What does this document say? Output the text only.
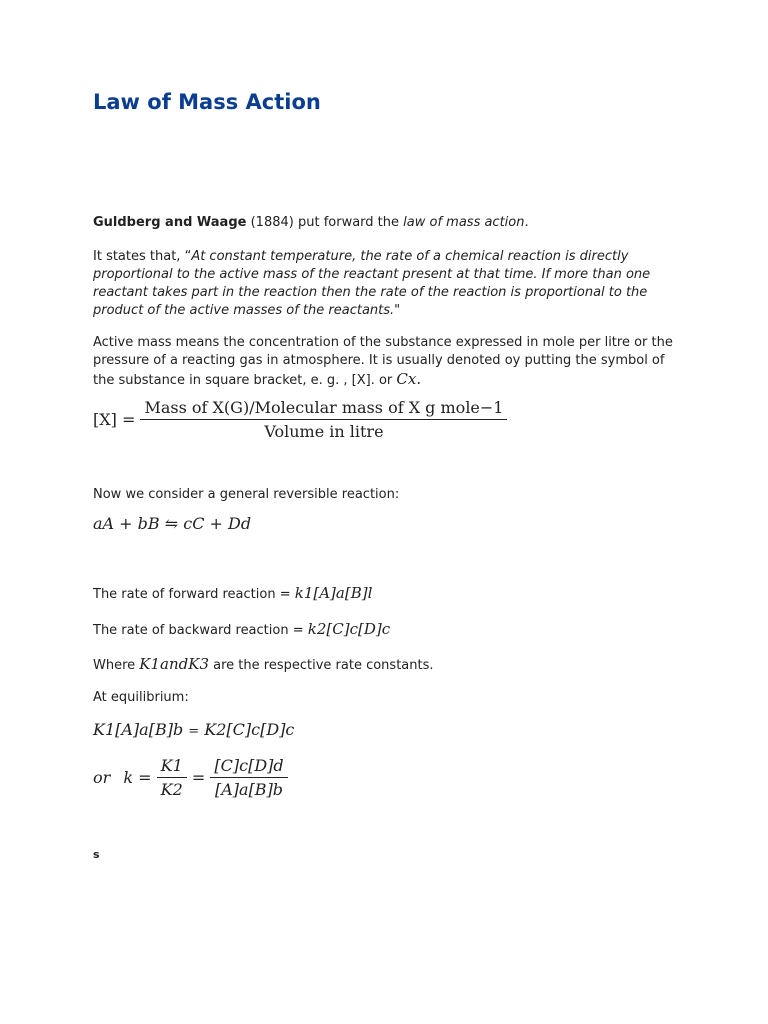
Law of Mass Action

Guldberg and Waage (1884) put forward the law of mass action.

It states that, “At constant temperature, the rate of a chemical reaction is directly proportional to the active mass of the reactant present at that time. If more than one reactant takes part in the reaction then the rate of the reaction is proportional to the product of the active masses of the reactants."

Active mass means the concentration of the substance expressed in mole per litre or the pressure of a reacting gas in atmosphere. It is usually denoted oy putting the symbol of the substance in square bracket, e. g. , [X]. or Cx.

$[X] = \frac{\text{Mass of X(G)/Molecular mass of X g mole−1}}{\text{Volume in litre}}$

Now we consider a general reversible reaction:

aA + bB ⇋ cC + Dd

The rate of forward reaction = k1[A]a[B]l

The rate of backward reaction = k2[C]c[D]c

Where K1andK3 are the respective rate constants.

At equilibrium:

K1[A]a[B]b = K2[C]c[D]c
or $k = \frac{K1}{K2} = \frac{[C]c[D]d}{[A]a[B]b}$
s
